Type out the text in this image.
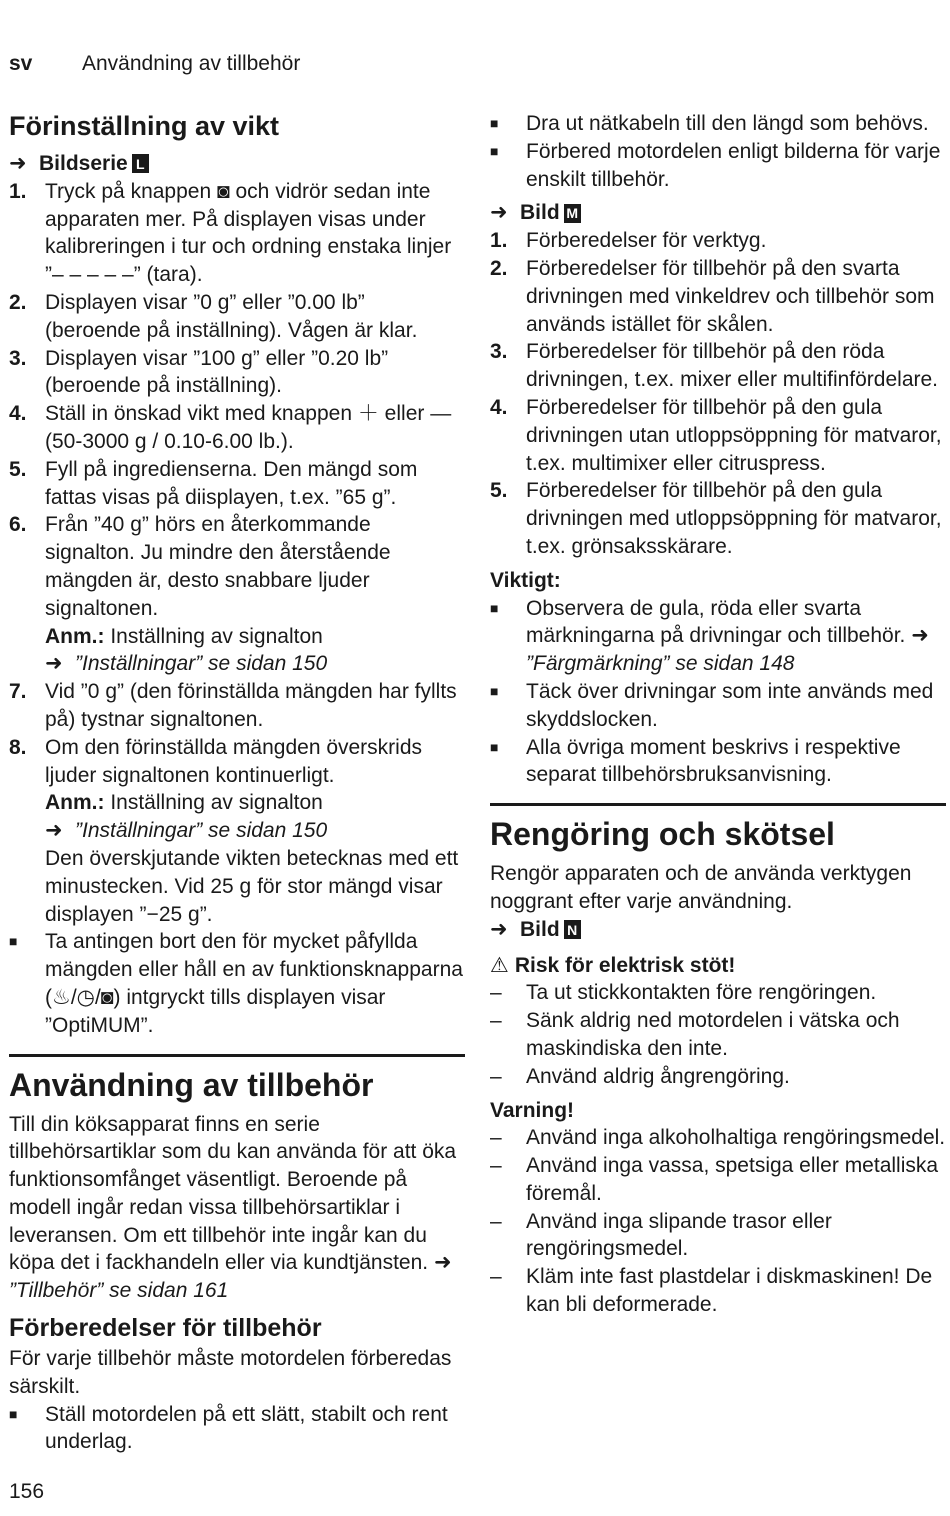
sv Användning av tillbehör
Förinställning av vikt
➜ Bildserie L
1. Tryck på knappen ◙ och vidrör sedan inte apparaten mer. På displayen visas under kalibreringen i tur och ordning enstaka linjer ”– – – – –” (tara).
2. Displayen visar ”0 g” eller ”0.00 lb” (beroende på inställning). Vågen är klar.
3. Displayen visar ”100 g” eller ”0.20 lb” (beroende på inställning).
4. Ställ in önskad vikt med knappen ＋ eller — (50-3000 g / 0.10-6.00 lb.).
5. Fyll på ingredienserna. Den mängd som fattas visas på diisplayen, t.ex. ”65 g”.
6. Från ”40 g” hörs en återkommande signalton. Ju mindre den återstående mängden är, desto snabbare ljuder signaltonen.
Anm.: Inställning av signalton
➜ ”Inställningar” se sidan 150
7. Vid ”0 g” (den förinställda mängden har fyllts på) tystnar signaltonen.
8. Om den förinställda mängden överskrids ljuder signaltonen kontinuerligt.
Anm.: Inställning av signalton
➜ ”Inställningar” se sidan 150
Den överskjutande vikten betecknas med ett minustecken. Vid 25 g för stor mängd visar displayen ”−25 g”.
■	Ta antingen bort den för mycket påfyllda mängden eller håll en av funktionsknapparna (♨/◷/◙) intgryckt tills displayen visar ”OptiMUM”.
Användning av tillbehör

Till din köksapparat finns en serie tillbehörsartiklar som du kan använda för att öka funktionsomfånget väsentligt. Beroende på modell ingår redan vissa tillbehörsartiklar i leveransen. Om ett tillbehör inte ingår kan du köpa det i fackhandeln eller via kundtjänsten. ➜”Tillbehör” se sidan 161

Förberedelser för tillbehör

För varje tillbehör måste motordelen förberedas särskilt.

■	Ställ motordelen på ett slätt, stabilt och rent underlag.
■	Dra ut nätkabeln till den längd som behövs.
■	Förbered motordelen enligt bilderna för varje enskilt tillbehör.
➜ Bild M
1. Förberedelser för verktyg.
2. Förberedelser för tillbehör på den svarta drivningen med vinkeldrev och tillbehör som används istället för skålen.
3. Förberedelser för tillbehör på den röda drivningen, t.ex. mixer eller multifinfördelare.
4. Förberedelser för tillbehör på den gula drivningen utan utloppsöppning för matvaror, t.ex. multimixer eller citruspress.
5. Förberedelser för tillbehör på den gula drivningen med utloppsöppning för matvaror, t.ex. grönsaksskärare.
Viktigt:
■	Observera de gula, röda eller svarta märkningarna på drivningar och tillbehör. ➜”Färgmärkning” se sidan 148
■	Täck över drivningar som inte används med skyddslocken.
■	Alla övriga moment beskrivs i respektive separat tillbehörsbruksanvisning.
Rengöring och skötsel

Rengör apparaten och de använda verktygen noggrant efter varje användning.

➜ Bild N
⚠ Risk för elektrisk stöt!
–	Ta ut stickkontakten före rengöringen.
–	Sänk aldrig ned motordelen i vätska och maskindiska den inte.
–	Använd aldrig ångrengöring.
Varning!
–	Använd inga alkoholhaltiga rengöringsmedel.
–	Använd inga vassa, spetsiga eller metalliska föremål.
–	Använd inga slipande trasor eller rengöringsmedel.
–	Kläm inte fast plastdelar i diskmaskinen! De kan bli deformerade.
156
